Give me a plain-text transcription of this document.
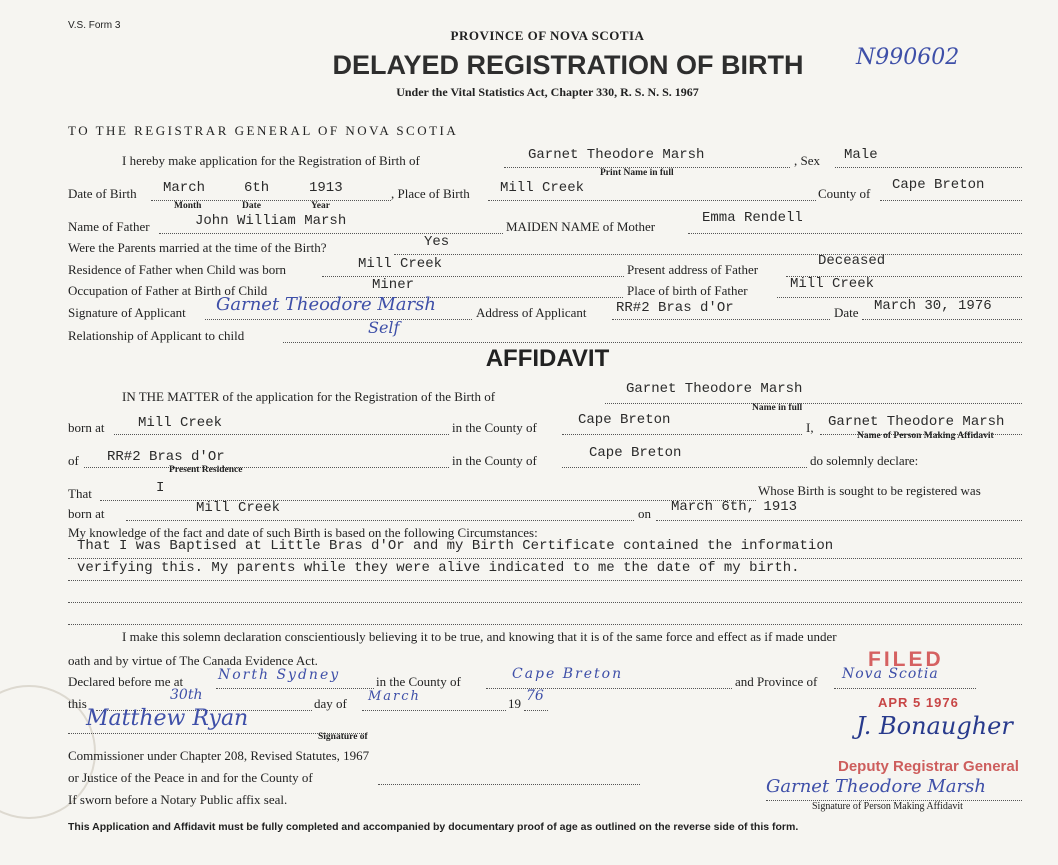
V.S. Form 3
PROVINCE OF NOVA SCOTIA
DELAYED REGISTRATION OF BIRTH
Under the Vital Statistics Act, Chapter 330, R. S. N. S. 1967
N990602
TO THE REGISTRAR GENERAL OF NOVA SCOTIA
I hereby make application for the Registration of Birth of	Garnet Theodore Marsh
Print Name in full
, Sex Male
Date of Birth March	6th	1913
Month	Date	Year
, Place of Birth Mill Creek	County of
Cape Breton
Name of Father	John William Marsh	MAIDEN NAME of Mother
Emma Rendell
Were the Parents married at the time of the Birth?	Yes
Residence of Father when Child was born	Mill Creek	Present address of Father
Deceased
Occupation of Father at Birth of Child	Miner	Place of birth of Father	Mill Creek
Signature of Applicant Garnet Theodore Marsh	Address of Applicant RR#2 Bras d'Or	Date March 30, 1976
Relationship of Applicant to child	Self
AFFIDAVIT
IN THE MATTER of the application for the Registration of the Birth of	Garnet Theodore Marsh
Name in full
born at Mill Creek	in the County of	Cape Breton	I, Garnet Theodore Marsh
Name of Person Making Affidavit
of RR#2 Bras d'Or
Present Residence
in the County of	Cape Breton	do solemnly declare:
That	I	Whose Birth is sought to be registered was
born at	Mill Creek	on March 6th, 1913
My knowledge of the fact and date of such Birth is based on the following Circumstances:
That I was Baptised at Little Bras d'Or and my Birth Certificate contained the information
verifying this. My parents while they were alive indicated to me the date of my birth.
I make this solemn declaration conscientiously believing it to be true, and knowing that it is of the same force and effect as if made under
oath and by virtue of The Canada Evidence Act.
Declared before me at North Sydney	in the County of	Cape Breton	and Province of Nova Scotia
this
30th
day of March	19 76
Matthew Ryan
Signature of
Commissioner under Chapter 208, Revised Statutes, 1967
or Justice of the Peace in and for the County of
If sworn before a Notary Public affix seal.
FILED
APR 5 1976
J. Bonaugher
Deputy Registrar General
Garnet Theodore Marsh
Signature of Person Making Affidavit
This Application and Affidavit must be fully completed and accompanied by documentary proof of age as outlined on the reverse side of this form.
